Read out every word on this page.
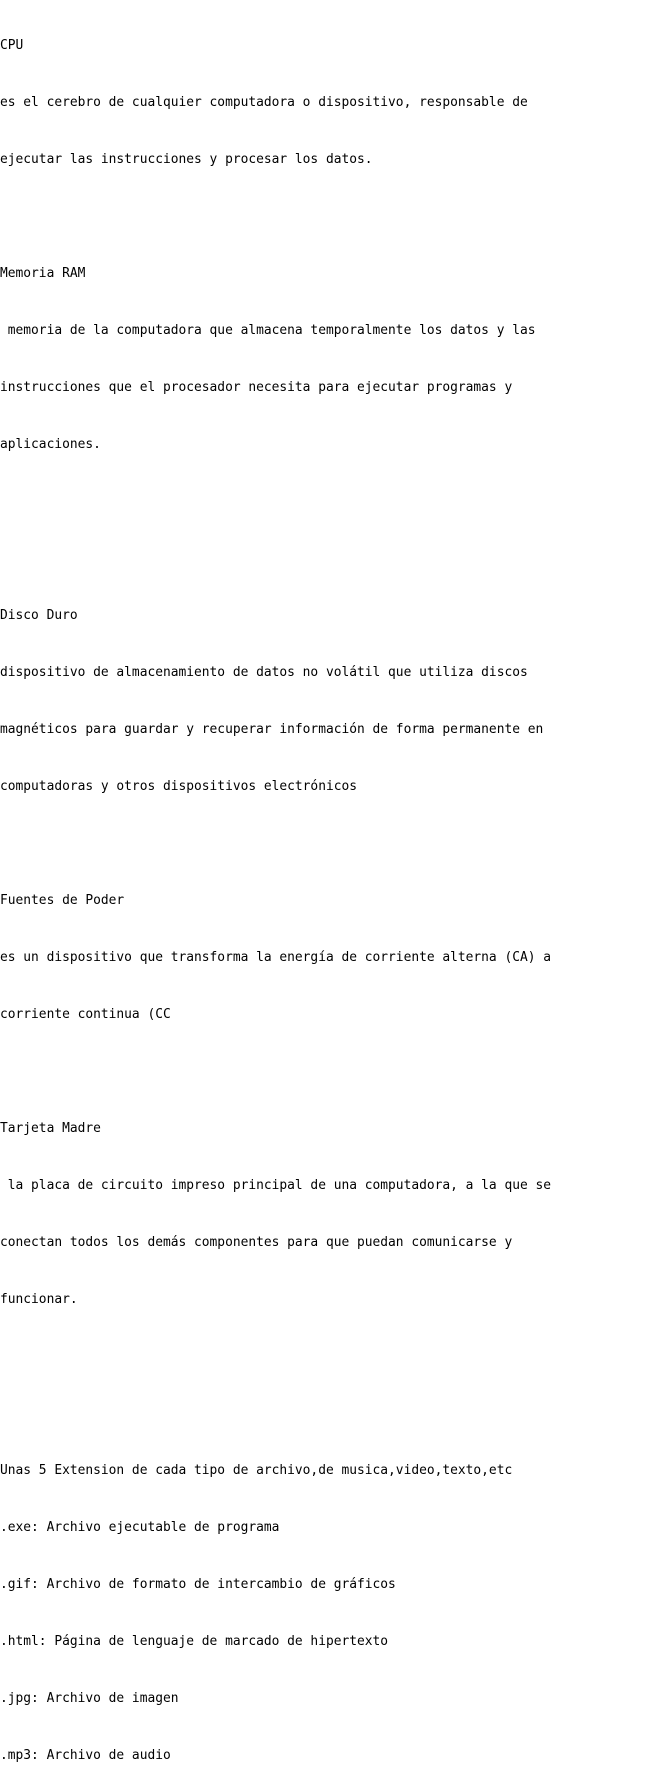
CPU

es el cerebro de cualquier computadora o dispositivo, responsable de

ejecutar las instrucciones y procesar los datos.

Memoria RAM

memoria de la computadora que almacena temporalmente los datos y las

instrucciones que el procesador necesita para ejecutar programas y

aplicaciones.

Disco Duro

dispositivo de almacenamiento de datos no volátil que utiliza discos

magnéticos para guardar y recuperar información de forma permanente en

computadoras y otros dispositivos electrónicos

Fuentes de Poder

es un dispositivo que transforma la energía de corriente alterna (CA) a

corriente continua (CC

Tarjeta Madre

la placa de circuito impreso principal de una computadora, a la que se

conectan todos los demás componentes para que puedan comunicarse y

funcionar.

Unas 5 Extension de cada tipo de archivo,de musica,video,texto,etc

.exe: Archivo ejecutable de programa

.gif: Archivo de formato de intercambio de gráficos

.html: Página de lenguaje de marcado de hipertexto

.jpg: Archivo de imagen

.mp3: Archivo de audio
